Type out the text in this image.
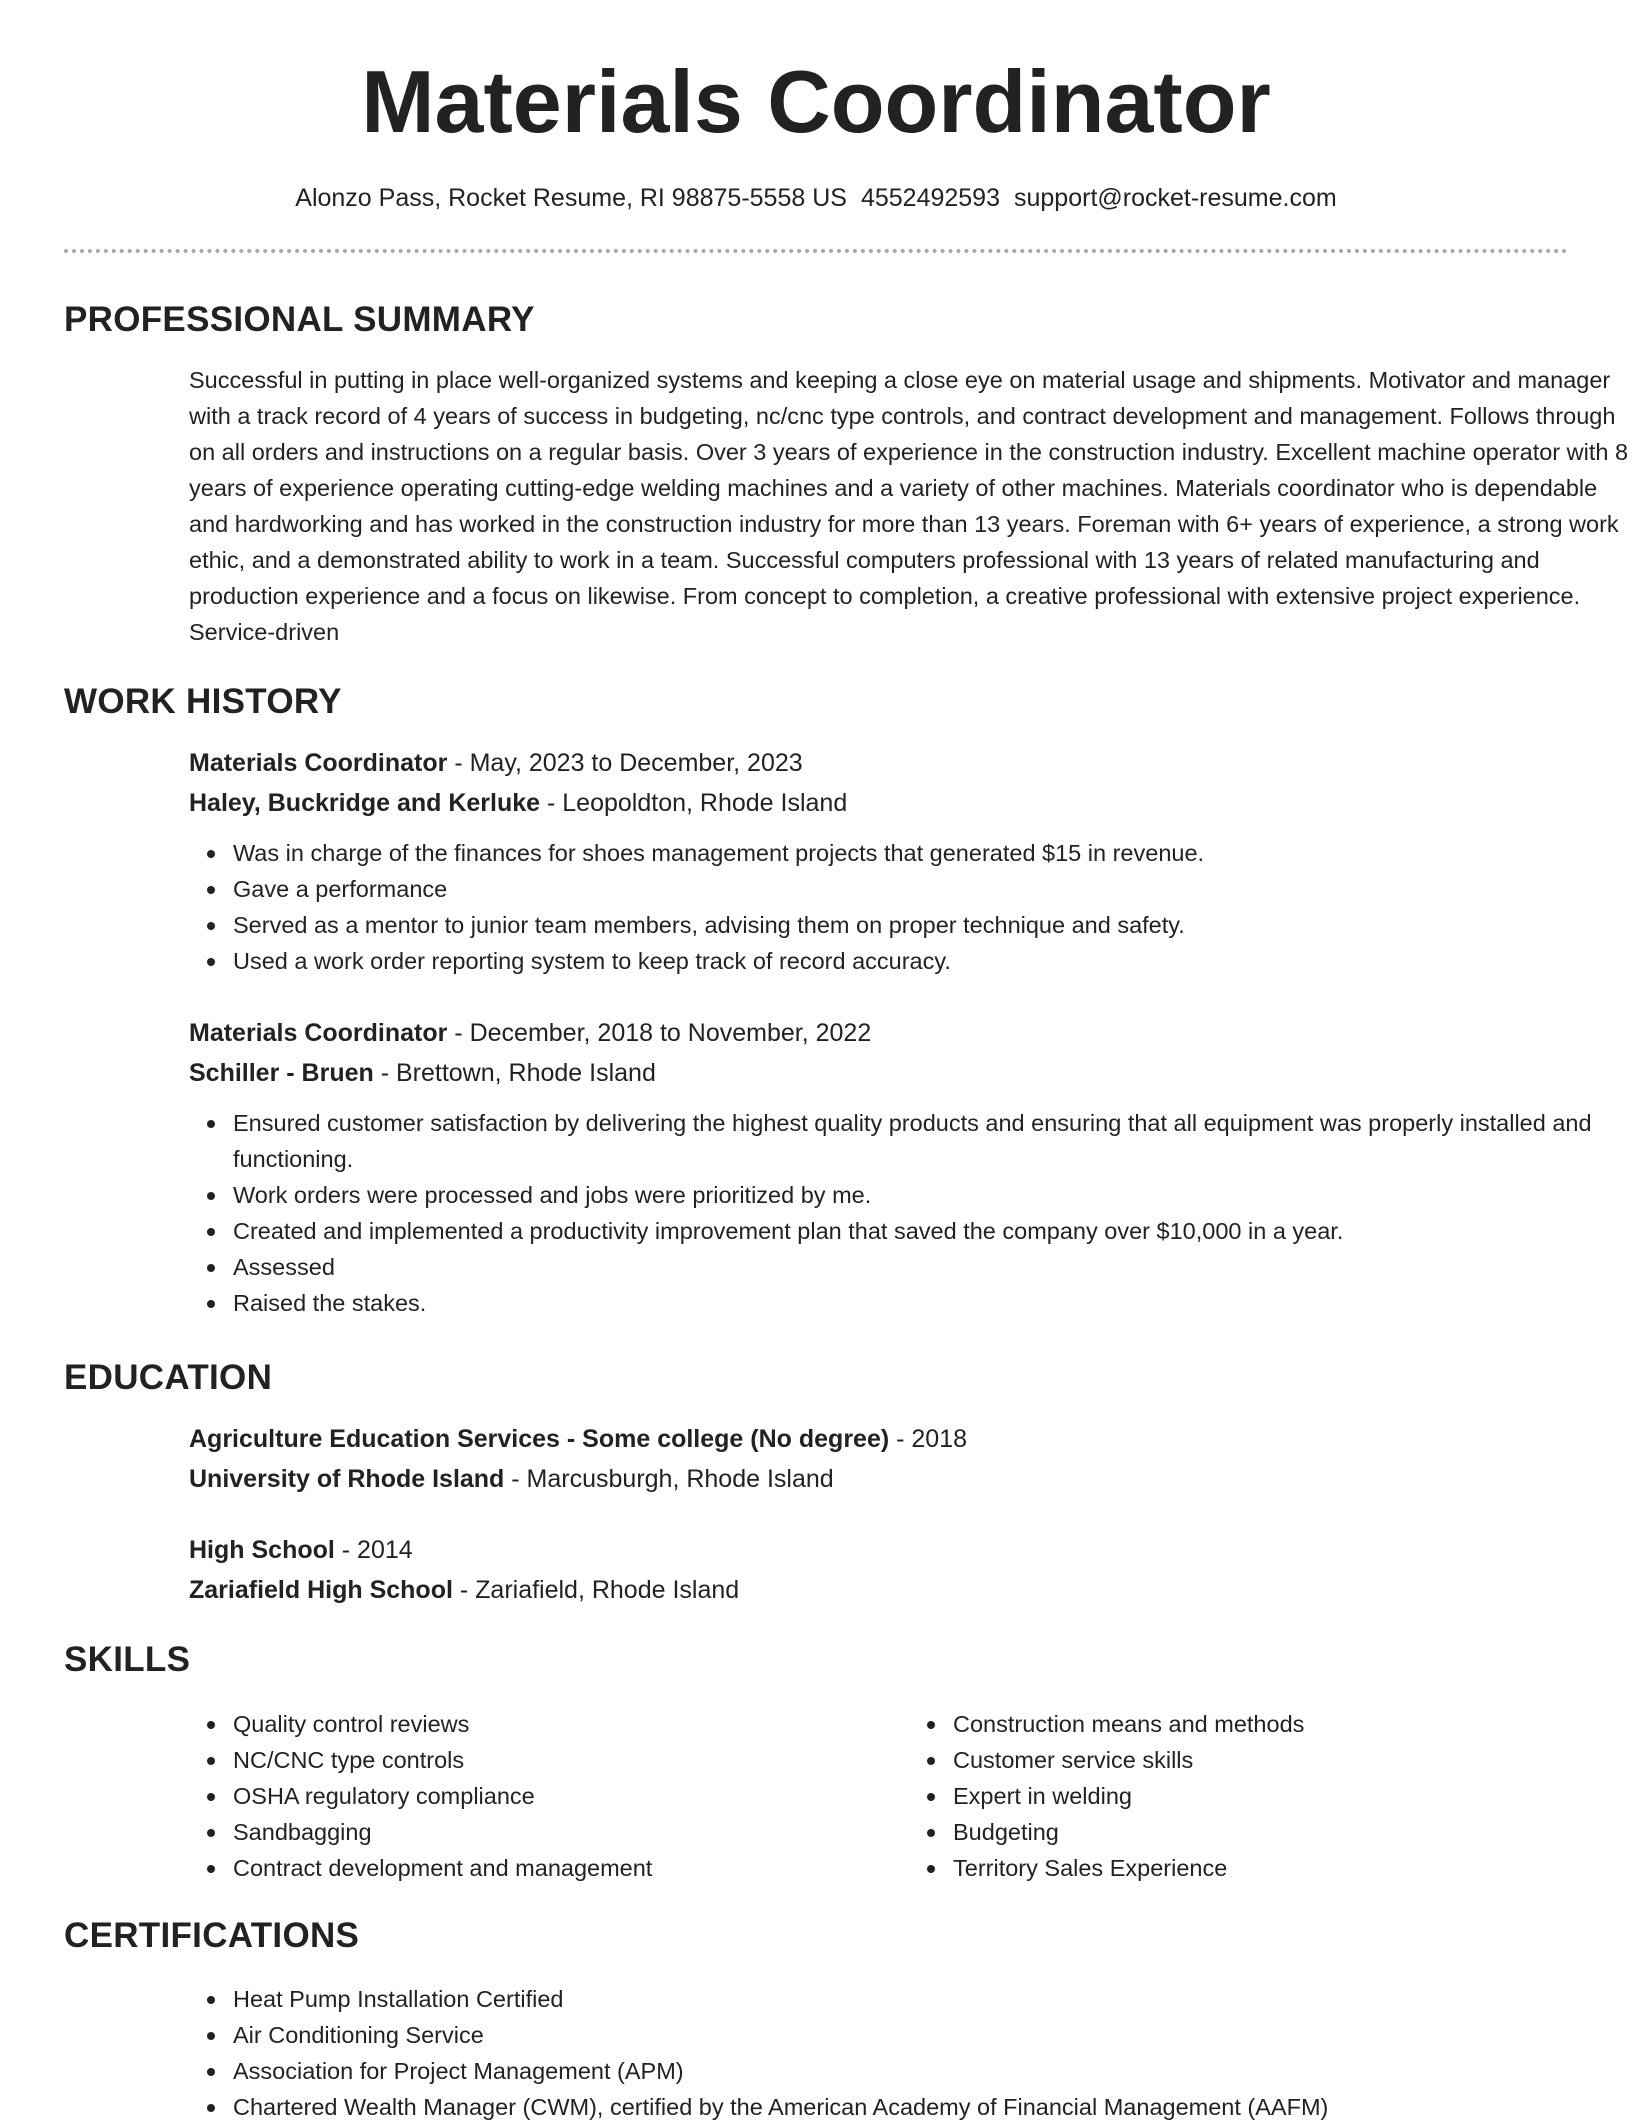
Materials Coordinator
Alonzo Pass, Rocket Resume, RI 98875-5558 US 4552492593 support@rocket-resume.com
PROFESSIONAL SUMMARY

Successful in putting in place well-organized systems and keeping a close eye on material usage and shipments. Motivator and manager with a track record of 4 years of success in budgeting, nc/cnc type controls, and contract development and management. Follows through on all orders and instructions on a regular basis. Over 3 years of experience in the construction industry. Excellent machine operator with 8 years of experience operating cutting-edge welding machines and a variety of other machines. Materials coordinator who is dependable and hardworking and has worked in the construction industry for more than 13 years. Foreman with 6+ years of experience, a strong work ethic, and a demonstrated ability to work in a team. Successful computers professional with 13 years of related manufacturing and production experience and a focus on likewise. From concept to completion, a creative professional with extensive project experience. Service-driven

WORK HISTORY
Materials Coordinator - May, 2023 to December, 2023
Haley, Buckridge and Kerluke - Leopoldton, Rhode Island
Was in charge of the finances for shoes management projects that generated $15 in revenue.
Gave a performance
Served as a mentor to junior team members, advising them on proper technique and safety.
Used a work order reporting system to keep track of record accuracy.
Materials Coordinator - December, 2018 to November, 2022
Schiller - Bruen - Brettown, Rhode Island
Ensured customer satisfaction by delivering the highest quality products and ensuring that all equipment was properly installed and functioning.
Work orders were processed and jobs were prioritized by me.
Created and implemented a productivity improvement plan that saved the company over $10,000 in a year.
Assessed
Raised the stakes.
EDUCATION
Agriculture Education Services - Some college (No degree) - 2018
University of Rhode Island - Marcusburgh, Rhode Island
High School - 2014
Zariafield High School - Zariafield, Rhode Island
SKILLS
Quality control reviews
NC/CNC type controls
OSHA regulatory compliance
Sandbagging
Contract development and management
Construction means and methods
Customer service skills
Expert in welding
Budgeting
Territory Sales Experience
CERTIFICATIONS
Heat Pump Installation Certified
Air Conditioning Service
Association for Project Management (APM)
Chartered Wealth Manager (CWM), certified by the American Academy of Financial Management (AAFM)
